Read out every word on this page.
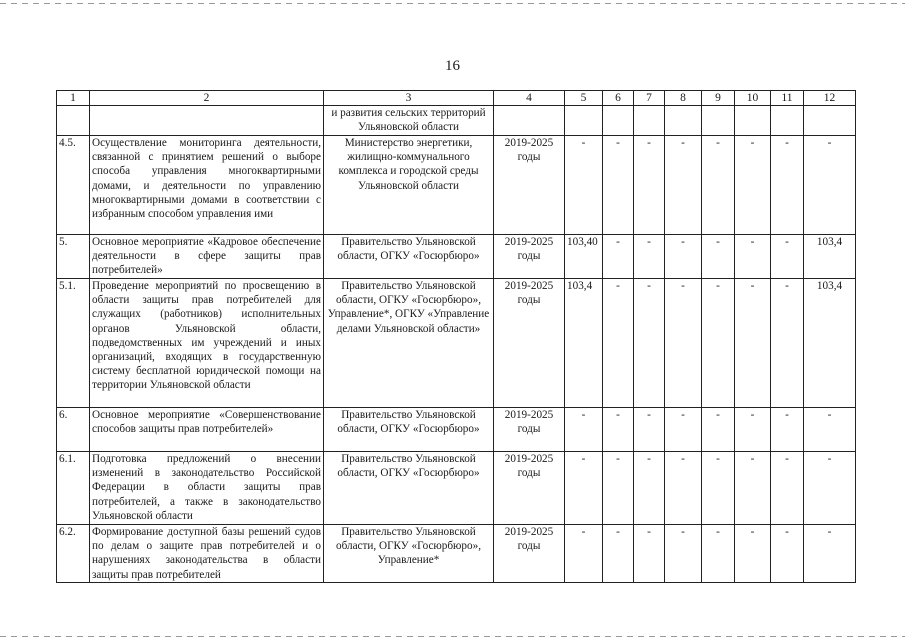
16
1	2	3	4	5	6	7	8	9	10	11	12
		и развития сельских территорий Ульяновской области									
4.5.	Осуществление мониторинга деятельности, связанной с принятием решений о выборе способа управления многоквартирными домами, и деятельности по управлению многоквартирными домами в соответствии с избранным способом управления ими	Министерство энергетики, жилищно-коммунального комплекса и городской среды Ульяновской области	2019-2025 годы	-	-	-	-	-	-	-	-
5.	Основное мероприятие «Кадровое обеспечение деятельности в сфере защиты прав потребителей»	Правительство Ульяновской области, ОГКУ «Госюрбюро»	2019-2025 годы	103,40	-	-	-	-	-	-	103,4
5.1.	Проведение мероприятий по просвещению в области защиты прав потребителей для служащих (работников) исполнительных органов Ульяновской области, подведомственных им учреждений и иных организаций, входящих в государственную систему бесплатной юридической помощи на территории Ульяновской области	Правительство Ульяновской области, ОГКУ «Госюрбюро», Управление*, ОГКУ «Управление делами Ульяновской области»	2019-2025 годы	103,4	-	-	-	-	-	-	103,4
6.	Основное мероприятие «Совершенствование способов защиты прав потребителей»	Правительство Ульяновской области, ОГКУ «Госюрбюро»	2019-2025 годы	-	-	-	-	-	-	-	-
6.1.	Подготовка предложений о внесении изменений в законодательство Российской Федерации в области защиты прав потребителей, а также в законодательство Ульяновской области	Правительство Ульяновской области, ОГКУ «Госюрбюро»	2019-2025 годы	-	-	-	-	-	-	-	-
6.2.	Формирование доступной базы решений судов по делам о защите прав потребителей и о нарушениях законодательства в области защиты прав потребителей	Правительство Ульяновской области, ОГКУ «Госюрбюро», Управление*	2019-2025 годы	-	-	-	-	-	-	-	-
